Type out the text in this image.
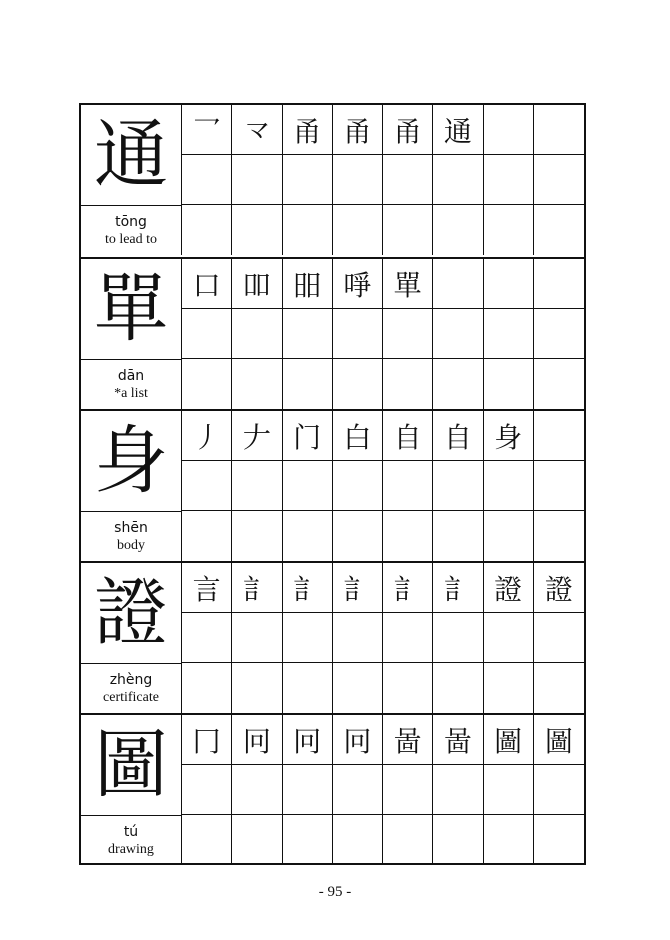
通
tōng
to lead to
乛 龴 甬 甬 甬 通
單
dān
*a list
口 吅 昍 𠲜 單
身
shēn
body
丿 𠂇 门 白 自 自 身
證
zhèng
certificate
言 訁 訁 訁 訁 訁 證 證
圖
tú
drawing
冂 冋 冋 冋 啚 啚 圖 圖
- 95 -
